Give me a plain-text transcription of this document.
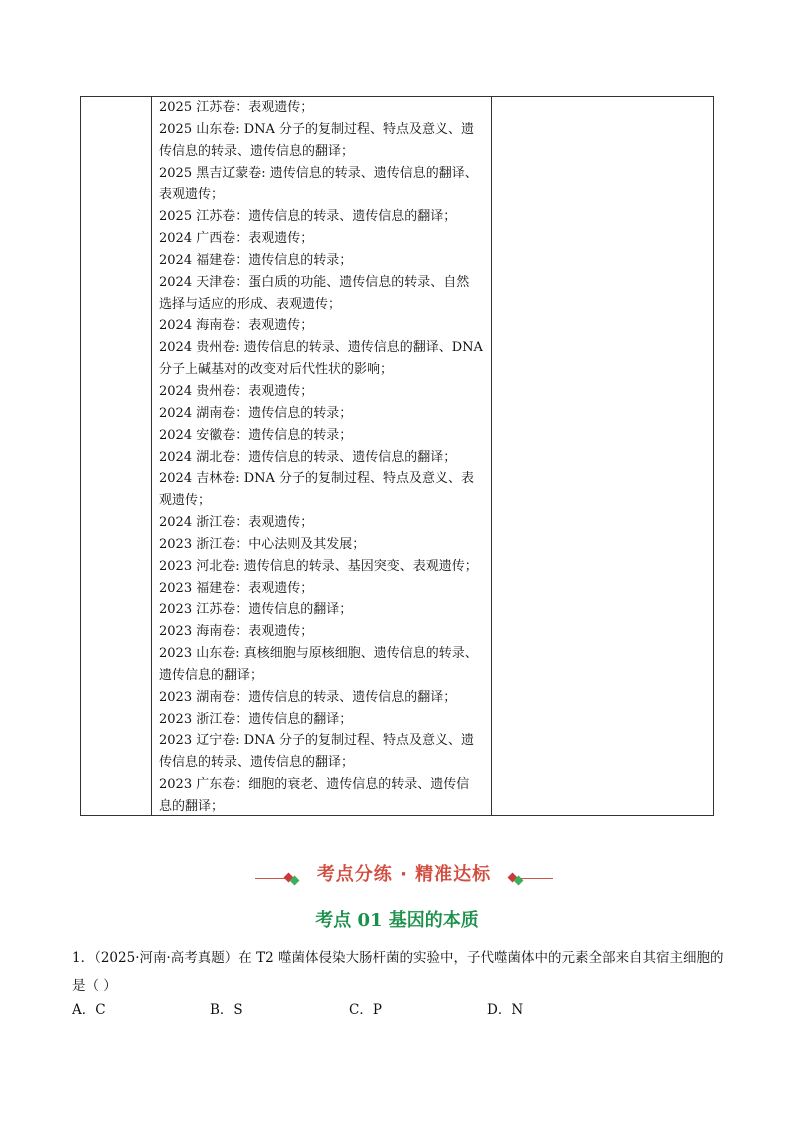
2025 江苏卷：表观遗传；
2025 山东卷: DNA 分子的复制过程、特点及意义、遗
传信息的转录、遗传信息的翻译；
2025 黑吉辽蒙卷: 遗传信息的转录、遗传信息的翻译、
表观遗传；
2025 江苏卷：遗传信息的转录、遗传信息的翻译；
2024 广西卷：表观遗传；
2024 福建卷：遗传信息的转录；
2024 天津卷：蛋白质的功能、遗传信息的转录、自然
选择与适应的形成、表观遗传；
2024 海南卷：表观遗传；
2024 贵州卷: 遗传信息的转录、遗传信息的翻译、DNA
分子上碱基对的改变对后代性状的影响；
2024 贵州卷：表观遗传；
2024 湖南卷：遗传信息的转录；
2024 安徽卷：遗传信息的转录；
2024 湖北卷：遗传信息的转录、遗传信息的翻译；
2024 吉林卷: DNA 分子的复制过程、特点及意义、表
观遗传；
2024 浙江卷：表观遗传；
2023 浙江卷：中心法则及其发展；
2023 河北卷: 遗传信息的转录、基因突变、表观遗传；
2023 福建卷：表观遗传；
2023 江苏卷：遗传信息的翻译；
2023 海南卷：表观遗传；
2023 山东卷: 真核细胞与原核细胞、遗传信息的转录、
遗传信息的翻译；
2023 湖南卷：遗传信息的转录、遗传信息的翻译；
2023 浙江卷：遗传信息的翻译；
2023 辽宁卷: DNA 分子的复制过程、特点及意义、遗
传信息的转录、遗传信息的翻译；
2023 广东卷：细胞的衰老、遗传信息的转录、遗传信
息的翻译；
考点分练 · 精准达标
考点 01 基因的本质
1．（2025·河南·高考真题）在 T2 噬菌体侵染大肠杆菌的实验中，子代噬菌体中的元素全部来自其宿主细胞的是（ ）
A．C	B．S	C．P	D．N
